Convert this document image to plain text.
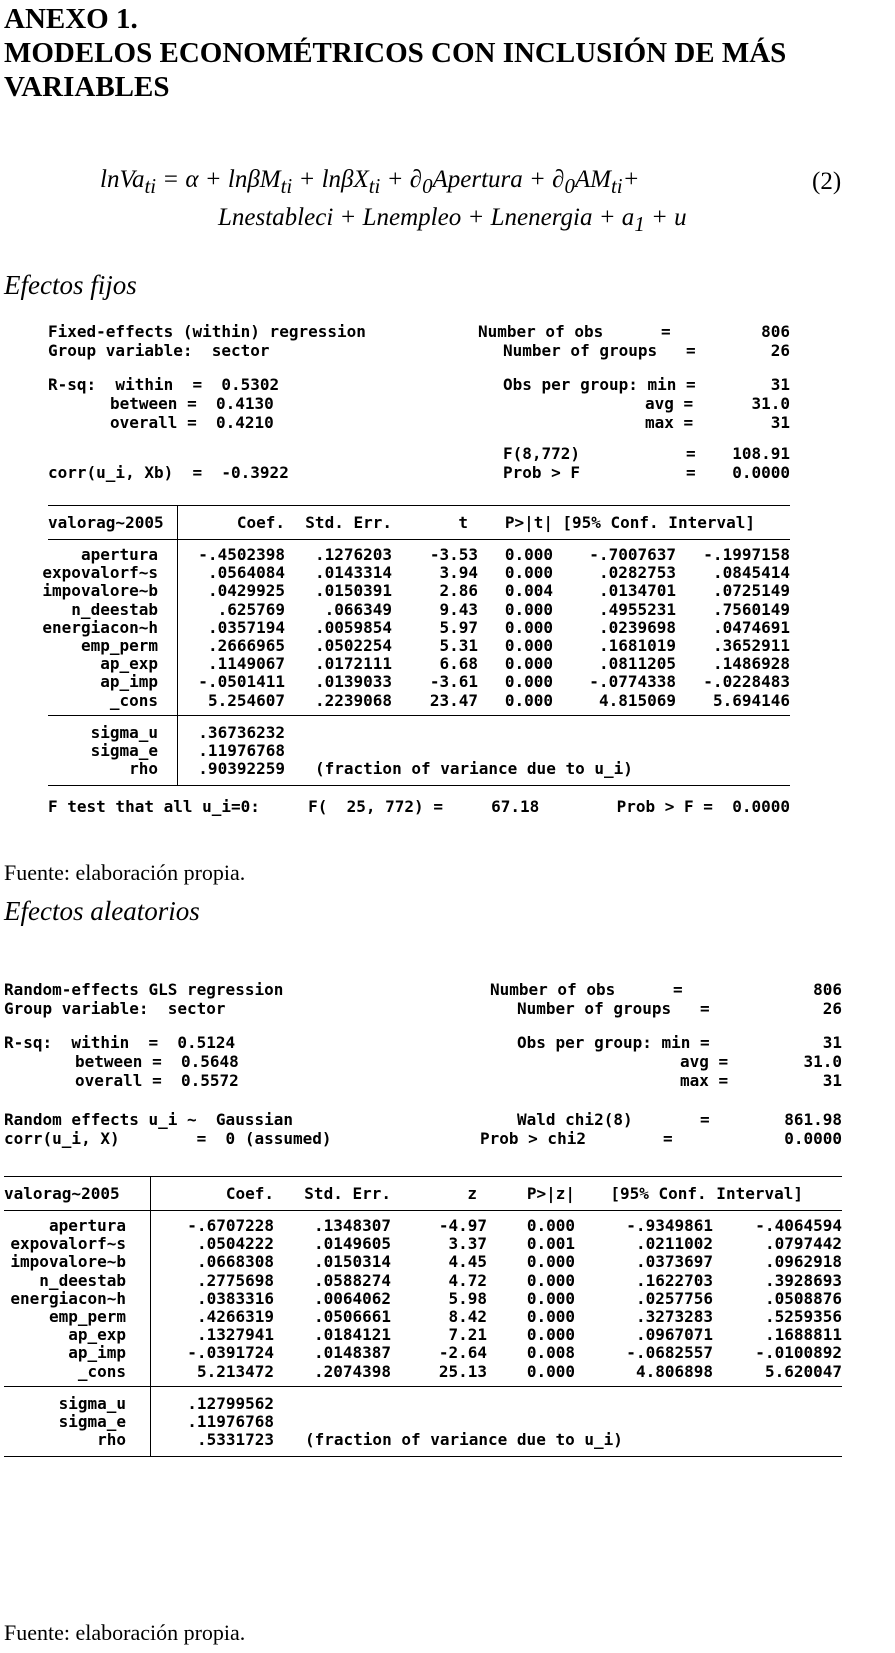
ANEXO 1.
MODELOS ECONOMÉTRICOS CON INCLUSIÓN DE MÁS
VARIABLES
lnVa$_{ti}$ = $\alpha + \ln\beta M_{ti} + \ln\beta X_{ti} + \partial_0Apertura + \partial_0AM_{ti}+$
Lnestableci + Lnempleo + Lnenergia + $a_1 + u$
(2)
Efectos fijos
Fixed-effects (within) regression
Group variable:  sector
Number of obs      =	806
Number of groups   =	26
R-sq:  within  =  0.5302
between =  0.4130
overall =  0.4210
Obs per group: min =	31
avg =	31.0
max =	31
F(8,772)           = 108.91
Prob > F           = 0.0000
corr(u_i, Xb)  =  -0.3922
valorag~2005	Coef. Std. Err.	t P>|t| [95% Conf. Interval]
apertura	-.4502398 .1276203 -3.53 0.000 -.7007637 -.1997158
expovalorf~s	.0564084 .0143314	3.94 0.000	.0282753 .0845414
impovalore~b	.0429925 .0150391	2.86 0.004	.0134701 .0725149
n_deestab	.625769 .066349	9.43 0.000	.4955231 .7560149
energiacon~h	.0357194 .0059854	5.97 0.000	.0239698 .0474691
emp_perm	.2666965 .0502254	5.31 0.000	.1681019 .3652911
ap_exp	.1149067 .0172111	6.68 0.000	.0811205 .1486928
ap_imp	-.0501411 .0139033 -3.61 0.000 -.0774338 -.0228483
_cons	5.254607 .2239068 23.47 0.000	4.815069 5.694146
sigma_u	.36736232
sigma_e	.11976768
rho	.90392259 (fraction of variance due to u_i)
F test that all u_i=0:     F(  25, 772) =     67.18	Prob > F =  0.0000
Fuente: elaboración propia.
Efectos aleatorios
Random-effects GLS regression
Group variable:  sector
Number of obs      =	806
Number of groups   =	26
R-sq:  within  =  0.5124
between =  0.5648
overall =  0.5572
Obs per group: min =	31
avg =	31.0
max =	31
Random effects u_i ~  Gaussian
corr(u_i, X)        =  0 (assumed)
Wald chi2(8)       =	861.98
Prob > chi2        =	0.0000
valorag~2005	Coef. Std. Err.	z	P>|z| [95% Conf. Interval]
apertura	-.6707228 .1348307	-4.97 0.000	-.9349861	-.4064594
expovalorf~s	.0504222 .0149605	3.37 0.001	.0211002	.0797442
impovalore~b	.0668308 .0150314	4.45 0.000	.0373697	.0962918
n_deestab	.2775698 .0588274	4.72 0.000	.1622703	.3928693
energiacon~h	.0383316 .0064062	5.98 0.000	.0257756	.0508876
emp_perm	.4266319 .0506661	8.42 0.000	.3273283	.5259356
ap_exp	.1327941 .0184121	7.21 0.000	.0967071	.1688811
ap_imp	-.0391724 .0148387	-2.64 0.008	-.0682557	-.0100892
_cons	5.213472 .2074398	25.13 0.000	4.806898	5.620047
sigma_u	.12799562
sigma_e	.11976768
rho	.5331723 (fraction of variance due to u_i)
Fuente: elaboración propia.
